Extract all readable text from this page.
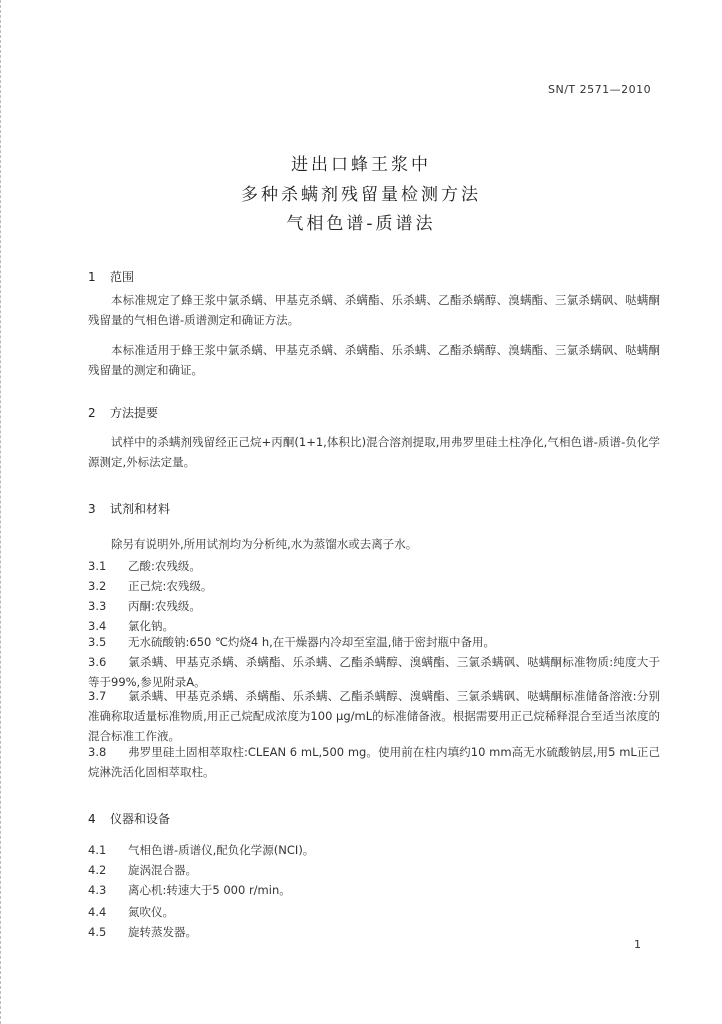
SN/T 2571—2010
进出口蜂王浆中
多种杀螨剂残留量检测方法
气相色谱-质谱法
1 范围
本标准规定了蜂王浆中氯杀螨、甲基克杀螨、杀螨酯、乐杀螨、乙酯杀螨醇、溴螨酯、三氯杀螨砜、哒螨酮残留量的气相色谱-质谱测定和确证方法。
本标准适用于蜂王浆中氯杀螨、甲基克杀螨、杀螨酯、乐杀螨、乙酯杀螨醇、溴螨酯、三氯杀螨砜、哒螨酮残留量的测定和确证。
2 方法提要
试样中的杀螨剂残留经正己烷+丙酮(1+1,体积比)混合溶剂提取,用弗罗里硅土柱净化,气相色谱-质谱-负化学源测定,外标法定量。
3 试剂和材料
除另有说明外,所用试剂均为分析纯,水为蒸馏水或去离子水。
3.1 乙酸:农残级。
3.2 正己烷:农残级。
3.3 丙酮:农残级。
3.4 氯化钠。
3.5 无水硫酸钠:650 ℃灼烧4 h,在干燥器内冷却至室温,储于密封瓶中备用。
3.6 氯杀螨、甲基克杀螨、杀螨酯、乐杀螨、乙酯杀螨醇、溴螨酯、三氯杀螨砜、哒螨酮标准物质:纯度大于等于99%,参见附录A。
3.7 氯杀螨、甲基克杀螨、杀螨酯、乐杀螨、乙酯杀螨醇、溴螨酯、三氯杀螨砜、哒螨酮标准储备溶液:分别准确称取适量标准物质,用正己烷配成浓度为100 μg/mL的标准储备液。根据需要用正己烷稀释混合至适当浓度的混合标准工作液。
3.8 弗罗里硅土固相萃取柱:CLEAN 6 mL,500 mg。使用前在柱内填约10 mm高无水硫酸钠层,用5 mL正己烷淋洗活化固相萃取柱。
4 仪器和设备
4.1 气相色谱-质谱仪,配负化学源(NCI)。
4.2 旋涡混合器。
4.3 离心机:转速大于5 000 r/min。
4.4 氮吹仪。
4.5 旋转蒸发器。
1
